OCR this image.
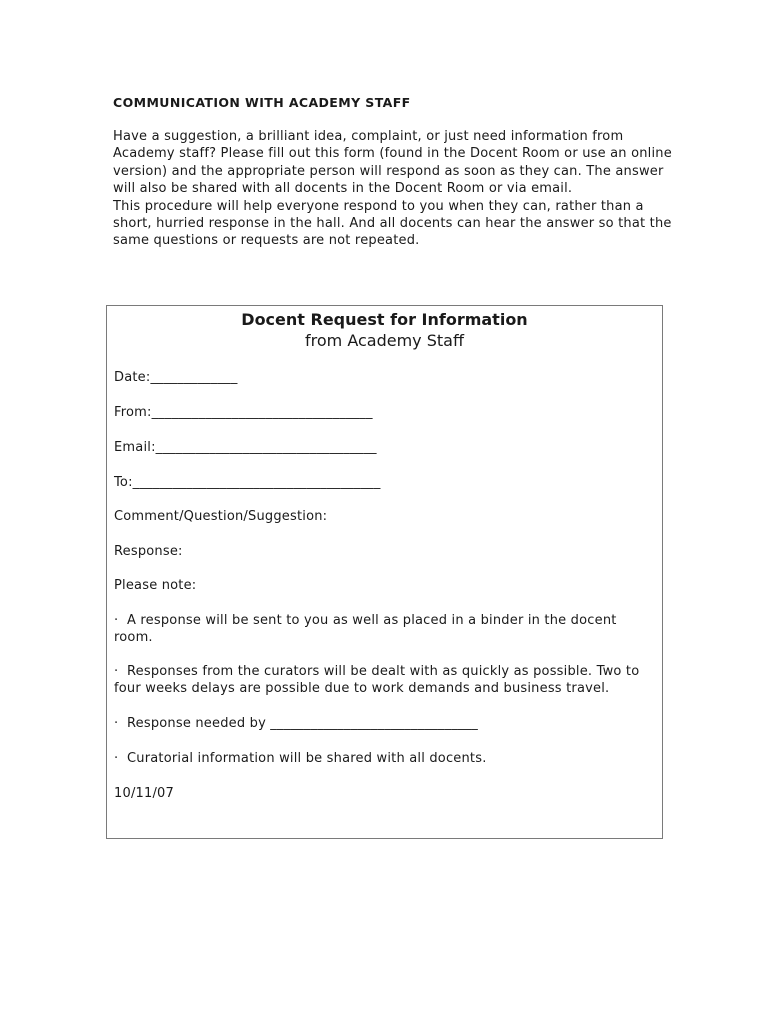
COMMUNICATION WITH ACADEMY STAFF

Have a suggestion, a brilliant idea, complaint, or just need information from Academy staff? Please fill out this form (found in the Docent Room or use an online version) and the appropriate person will respond as soon as they can. The answer will also be shared with all docents in the Docent Room or via email.

This procedure will help everyone respond to you when they can, rather than a short, hurried response in the hall. And all docents can hear the answer so that the same questions or requests are not repeated.

Docent Request for Information
from Academy Staff
Date:_____________
From:_________________________________
Email:_________________________________
To:_____________________________________
Comment/Question/Suggestion:
Response:
Please note:
·  A response will be sent to you as well as placed in a binder in the docent room.
·  Responses from the curators will be dealt with as quickly as possible. Two to four weeks delays are possible due to work demands and business travel.
·  Response needed by _______________________________
·  Curatorial information will be shared with all docents.
10/11/07
